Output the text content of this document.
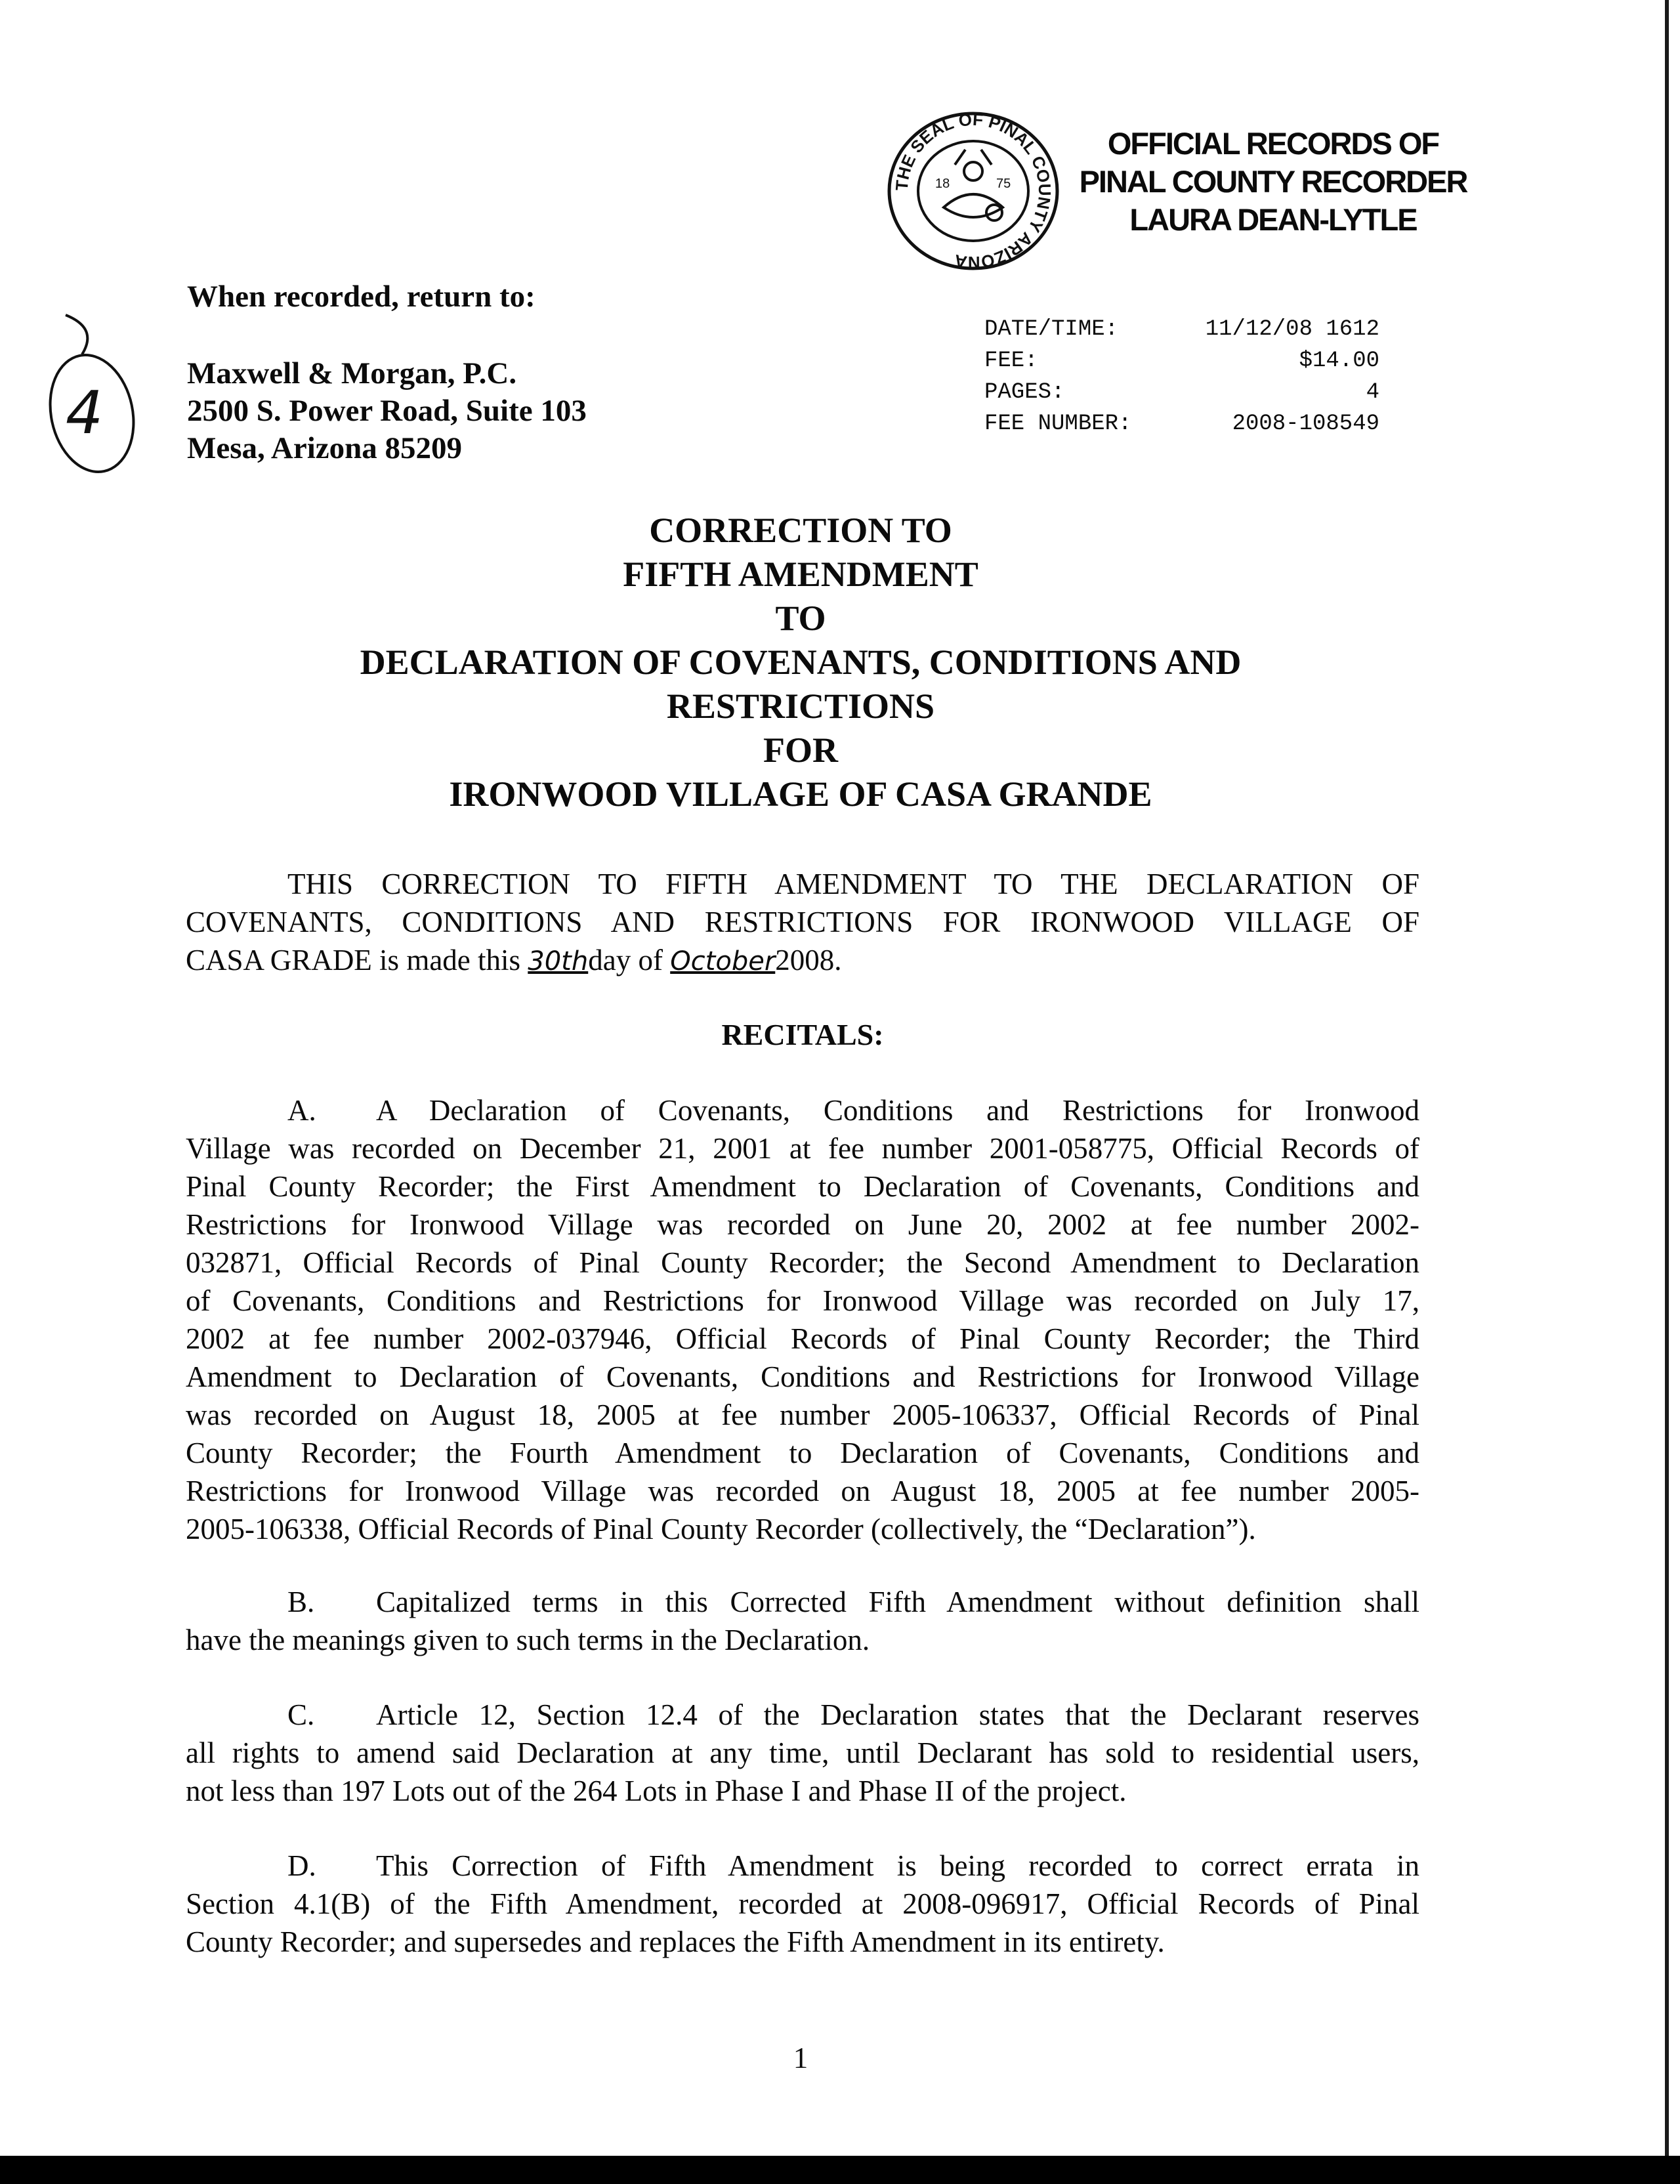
THE SEAL OF PINAL COUNTY ARIZONA
18	75
OFFICIAL RECORDS OF
PINAL COUNTY RECORDER
LAURA DEAN-LYTLE
4
When recorded, return to:
Maxwell & Morgan, P.C.
2500 S. Power Road, Suite 103
Mesa, Arizona 85209
DATE/TIME:	11/12/08 1612
FEE:	$14.00
PAGES:	4
FEE NUMBER:	2008-108549
CORRECTION TO
FIFTH AMENDMENT
TO
DECLARATION OF COVENANTS, CONDITIONS AND
RESTRICTIONS
FOR
IRONWOOD VILLAGE OF CASA GRANDE
THIS CORRECTION TO FIFTH AMENDMENT TO THE DECLARATION OF
COVENANTS, CONDITIONS AND RESTRICTIONS FOR IRONWOOD VILLAGE OF
CASA GRADE is made this 30thday of October2008.
RECITALS:
A. A Declaration of Covenants, Conditions and Restrictions for Ironwood
Village was recorded on December 21, 2001 at fee number 2001-058775, Official Records of
Pinal County Recorder; the First Amendment to Declaration of Covenants, Conditions and
Restrictions for Ironwood Village was recorded on June 20, 2002 at fee number 2002-
032871, Official Records of Pinal County Recorder; the Second Amendment to Declaration
of Covenants, Conditions and Restrictions for Ironwood Village was recorded on July 17,
2002 at fee number 2002-037946, Official Records of Pinal County Recorder; the Third
Amendment to Declaration of Covenants, Conditions and Restrictions for Ironwood Village
was recorded on August 18, 2005 at fee number 2005-106337, Official Records of Pinal
County Recorder; the Fourth Amendment to Declaration of Covenants, Conditions and
Restrictions for Ironwood Village was recorded on August 18, 2005 at fee number 2005-
2005-106338, Official Records of Pinal County Recorder (collectively, the “Declaration”).
B. Capitalized terms in this Corrected Fifth Amendment without definition shall
have the meanings given to such terms in the Declaration.
C. Article 12, Section 12.4 of the Declaration states that the Declarant reserves
all rights to amend said Declaration at any time, until Declarant has sold to residential users,
not less than 197 Lots out of the 264 Lots in Phase I and Phase II of the project.
D. This Correction of Fifth Amendment is being recorded to correct errata in
Section 4.1(B) of the Fifth Amendment, recorded at 2008-096917, Official Records of Pinal
County Recorder; and supersedes and replaces the Fifth Amendment in its entirety.
1
